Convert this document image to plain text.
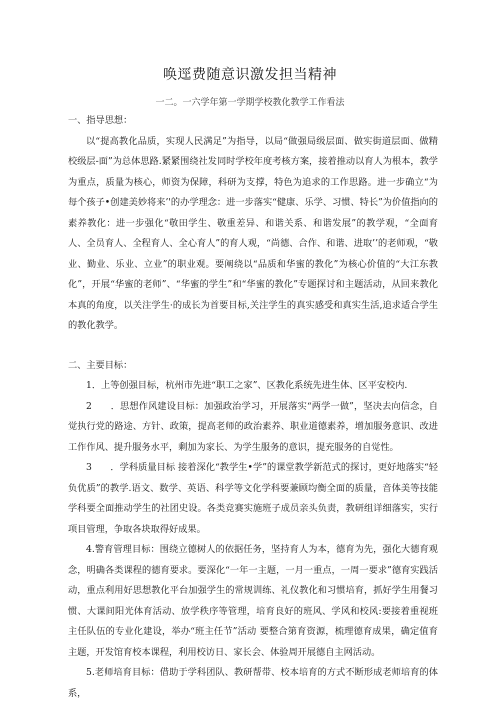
唤逕费随意识激发担当精神
一二。一六学年第一学期学校教化教学工作看法

一、指导思想：

以“提高教化品质，实现人民满足”为指导，以局“做强局级层面、做实街道层面、做精校级层-面”为总体思路.紧紧围绕社发同时学校年度考核方案，接着推动以育人为根本，教学为重点，质量为核心，师资为保障，科研为支撑，特色为追求的工作思路。进一步确立“为每个孩子•创建美妙将来’'的办学理念：进一步落实“健康、乐学、习惯、特长”为价值指向的素养教化：进一步强化“敬田学生、敬重差异、和谐关系、和谐发展”的教学观，“全面育人、全员育人、全程育人、全心育人”的育人观，“尚德、合作、和谐、进取’’的老师观，“敬业、勤业、乐业、立业”的职业观。要阐绕以“品质和华蜜的教化”为核心价值的“大江东教化”，开展“华蜜的老师”、“华蜜的学生”和“华蜜的教化”专题探讨和主题活动，从回来教化本真的角度，以关注学生·的成长为首要目标,关注学生的真实感受和真实生活,追求适合学生的教化教学。

二、主要目标：

1．上等创强目标，杭州市先进“职工之家”、区教化系统先进生体、区平安校内.

2　　．思想作风建设目标：加强政治学习，开展落实“两学一做”，坚决去向信念，自觉执行党的路途、方针、政策，提高老师的政治素养、职业道德素养，增加服务意识、改进工作作风、提升服务水平，剩加为家长、为学生服务的意识，提充服务的自觉性。

3　　．学科质量目标 接着深化“教学生•学”的课堂教学新范式的探讨，更好地落实“轻负优质”的教学.语文、数学、英语、科学等文化学科要兼顾均衡全面的质量，音体美等技能学科要全面推动学生的社团史设。各类竞赛实施班子成员亲头负责，教研组详细落实，实行项目管理，争取各块取得好成果。

4.警育管理目标：围绕立德树人的依据任务，坚持育人为本，德育为先，强化大德育观念，明确各类课程的德育要求。要深化“一年一主题，一月一重点，一周一要求”德育实践活动，重点利用好思想教化平台加强学生的常规训练、礼仪教化和习惯培育，抓好学生用餐习惯、大课间阳光体育活动、放学秩序等管理，培育良好的班风、学风和校风:要接着重视班主任队伍的专业化建设，举办“班主任节”活动 要整合第育资源，梳理德育成果，确定值育主题，开发馆育校本课程，利用校访日、家长会、体验周开展德自主网活动。

5.老师培育目标：借助于学科团队、教研帮带、校本培育的方式不断形成老师培育的体系，
